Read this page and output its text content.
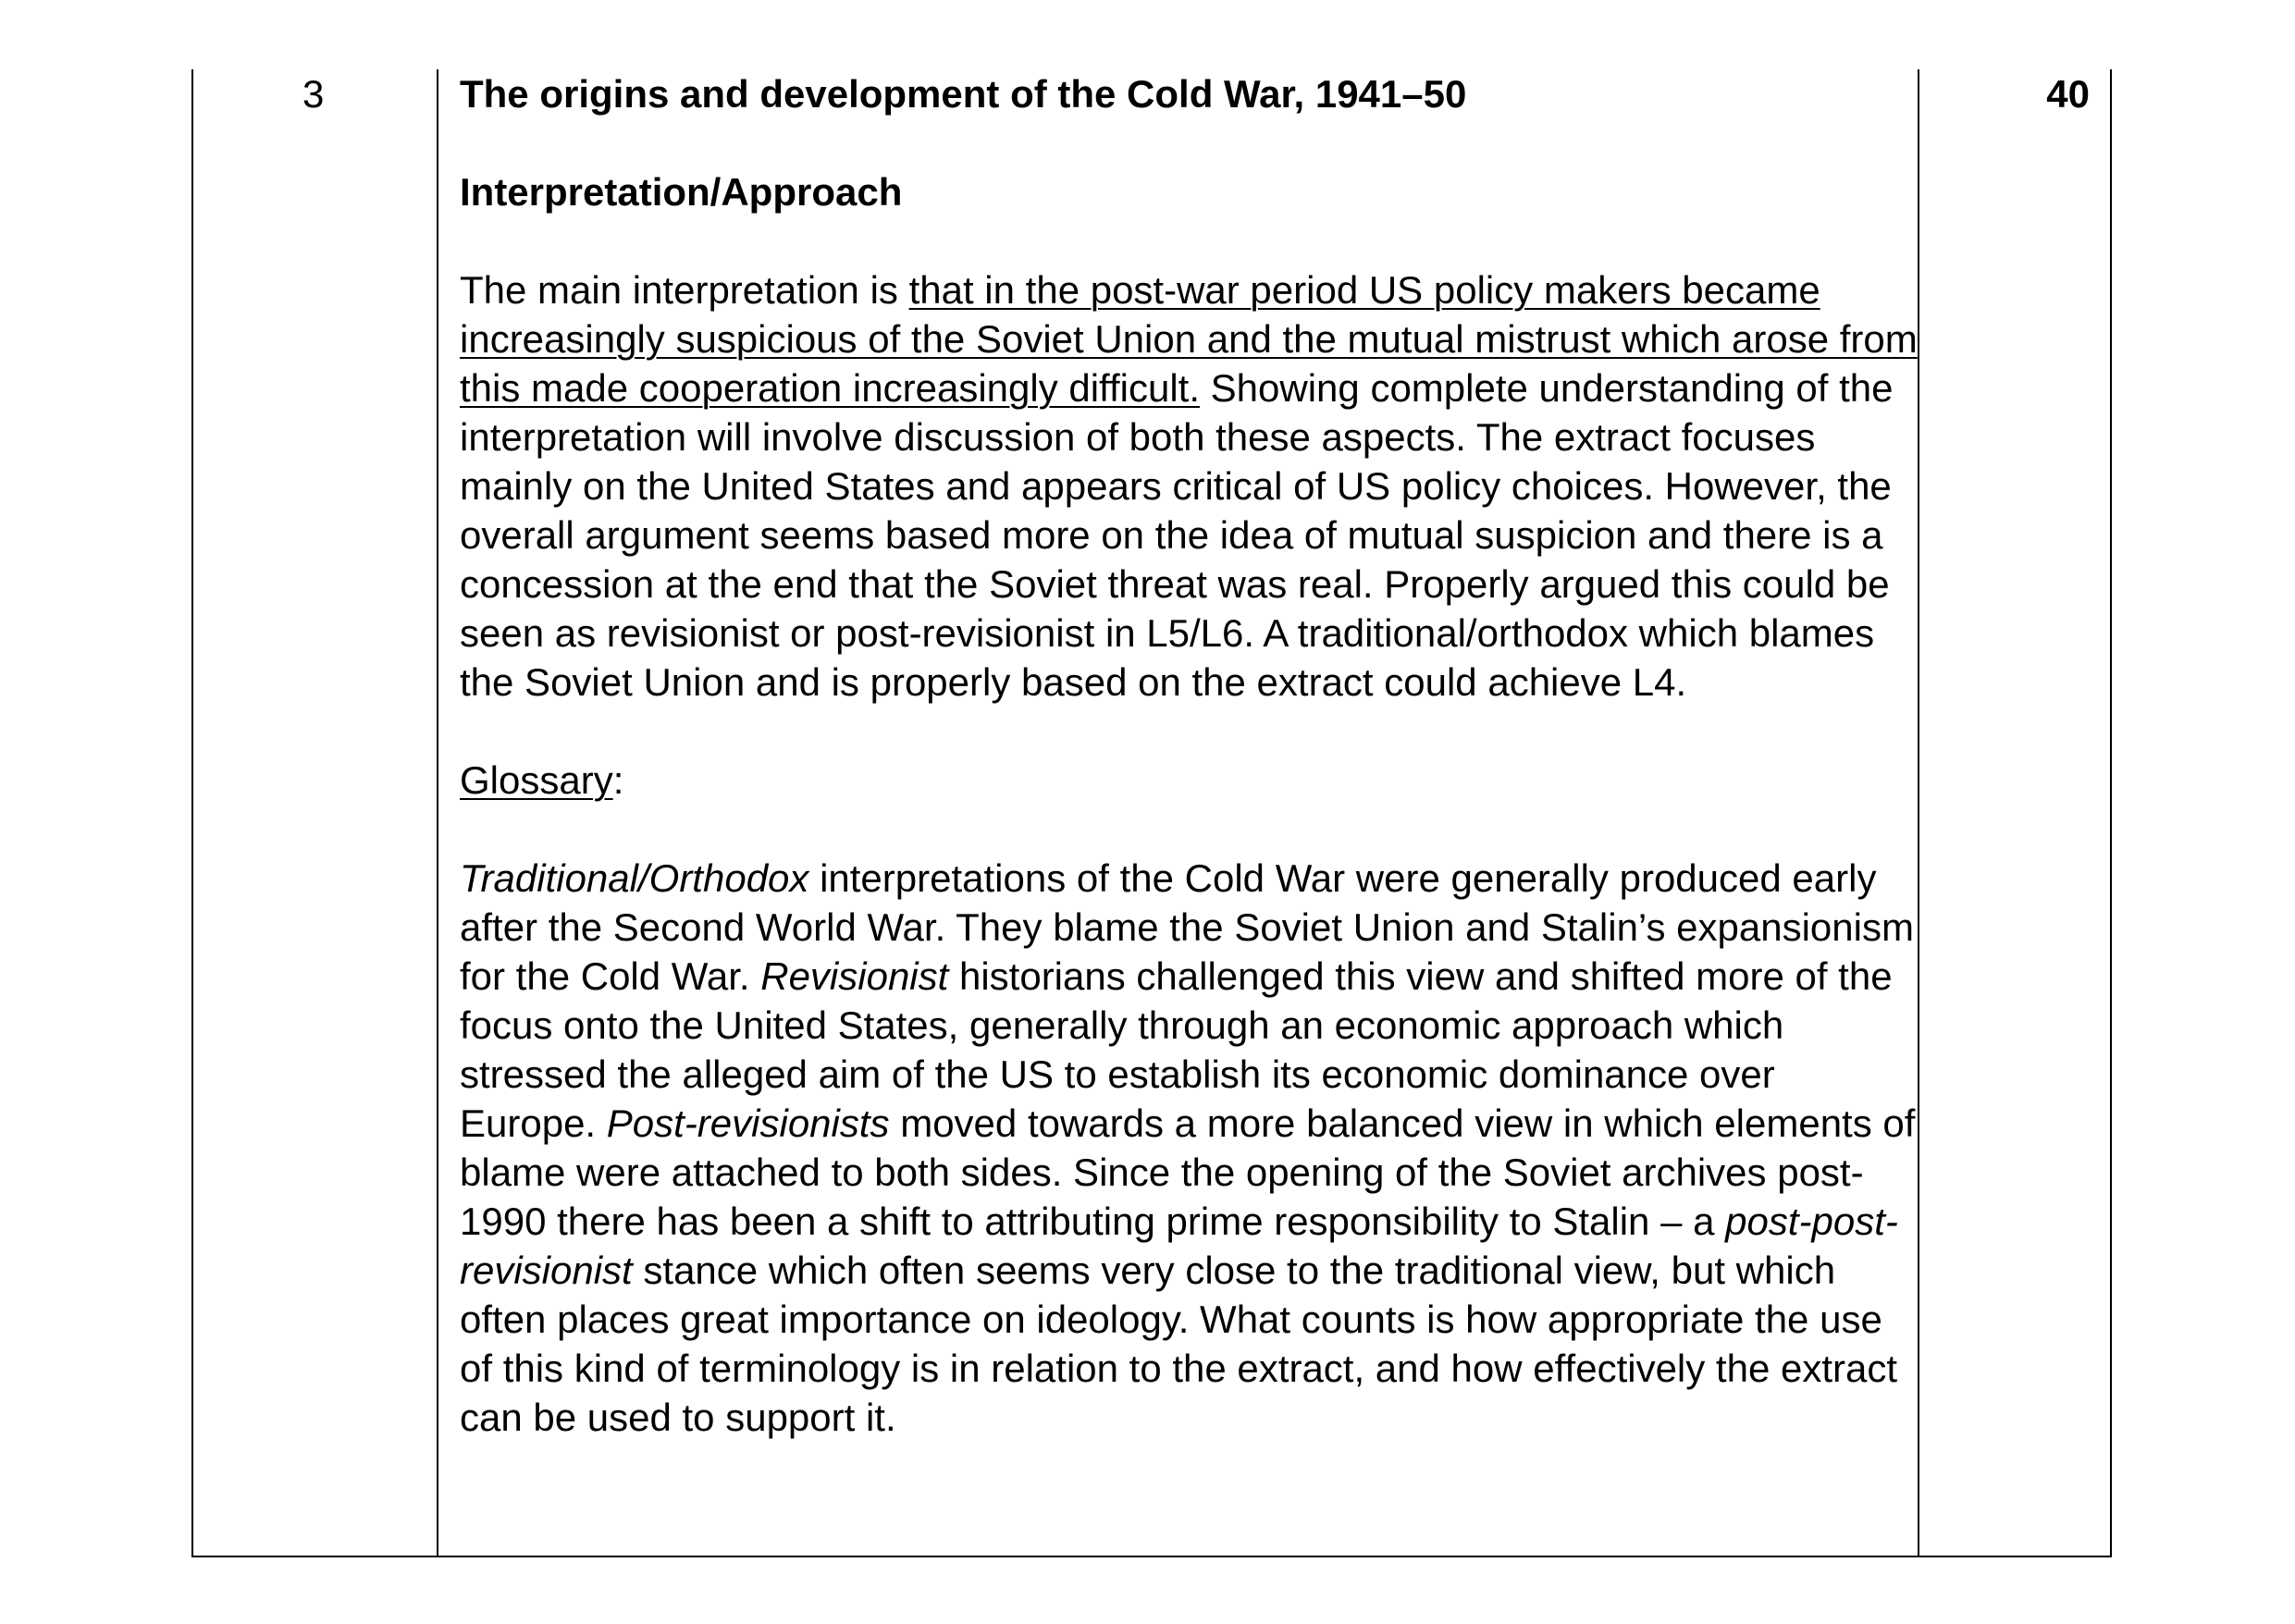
3	The origins and development of the Cold War, 1941–50

Interpretation/Approach

The main interpretation is that in the post-war period US policy makers became increasingly suspicious of the Soviet Union and the mutual mistrust which arose from this made cooperation increasingly difficult. Showing complete understanding of the interpretation will involve discussion of both these aspects. The extract focuses mainly on the United States and appears critical of US policy choices. However, the overall argument seems based more on the idea of mutual suspicion and there is a concession at the end that the Soviet threat was real. Properly argued this could be seen as revisionist or post-revisionist in L5/L6. A traditional/orthodox which blames the Soviet Union and is properly based on the extract could achieve L4.

Glossary:

Traditional/Orthodox interpretations of the Cold War were generally produced early after the Second World War. They blame the Soviet Union and Stalin’s expansionism for the Cold War. Revisionist historians challenged this view and shifted more of the focus onto the United States, generally through an economic approach which stressed the alleged aim of the US to establish its economic dominance over Europe. Post-revisionists moved towards a more balanced view in which elements of blame were attached to both sides. Since the opening of the Soviet archives post-1990 there has been a shift to attributing prime responsibility to Stalin – a post-post-revisionist stance which often seems very close to the traditional view, but which often places great importance on ideology. What counts is how appropriate the use of this kind of terminology is in relation to the extract, and how effectively the extract can be used to support it.

40
